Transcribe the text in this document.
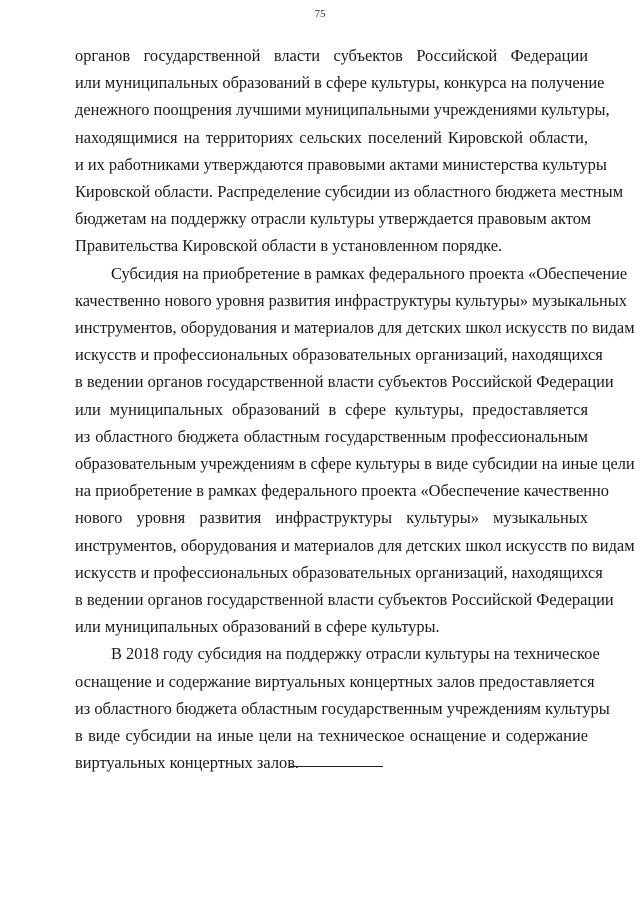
75

органов государственной власти субъектов Российской Федерации
или муниципальных образований в сфере культуры, конкурса на получение
денежного поощрения лучшими муниципальными учреждениями культуры,
находящимися на территориях сельских поселений Кировской области,
и их работниками утверждаются правовыми актами министерства культуры
Кировской области. Распределение субсидии из областного бюджета местным
бюджетам на поддержку отрасли культуры утверждается правовым актом
Правительства Кировской области в установленном порядке.

Субсидия на приобретение в рамках федерального проекта «Обеспечение
качественно нового уровня развития инфраструктуры культуры» музыкальных
инструментов, оборудования и материалов для детских школ искусств по видам
искусств и профессиональных образовательных организаций, находящихся
в ведении органов государственной власти субъектов Российской Федерации
или муниципальных образований в сфере культуры, предоставляется
из областного бюджета областным государственным профессиональным
образовательным учреждениям в сфере культуры в виде субсидии на иные цели
на приобретение в рамках федерального проекта «Обеспечение качественно
нового уровня развития инфраструктуры культуры» музыкальных
инструментов, оборудования и материалов для детских школ искусств по видам
искусств и профессиональных образовательных организаций, находящихся
в ведении органов государственной власти субъектов Российской Федерации
или муниципальных образований в сфере культуры.

В 2018 году субсидия на поддержку отрасли культуры на техническое
оснащение и содержание виртуальных концертных залов предоставляется
из областного бюджета областным государственным учреждениям культуры
в виде субсидии на иные цели на техническое оснащение и содержание
виртуальных концертных залов.
